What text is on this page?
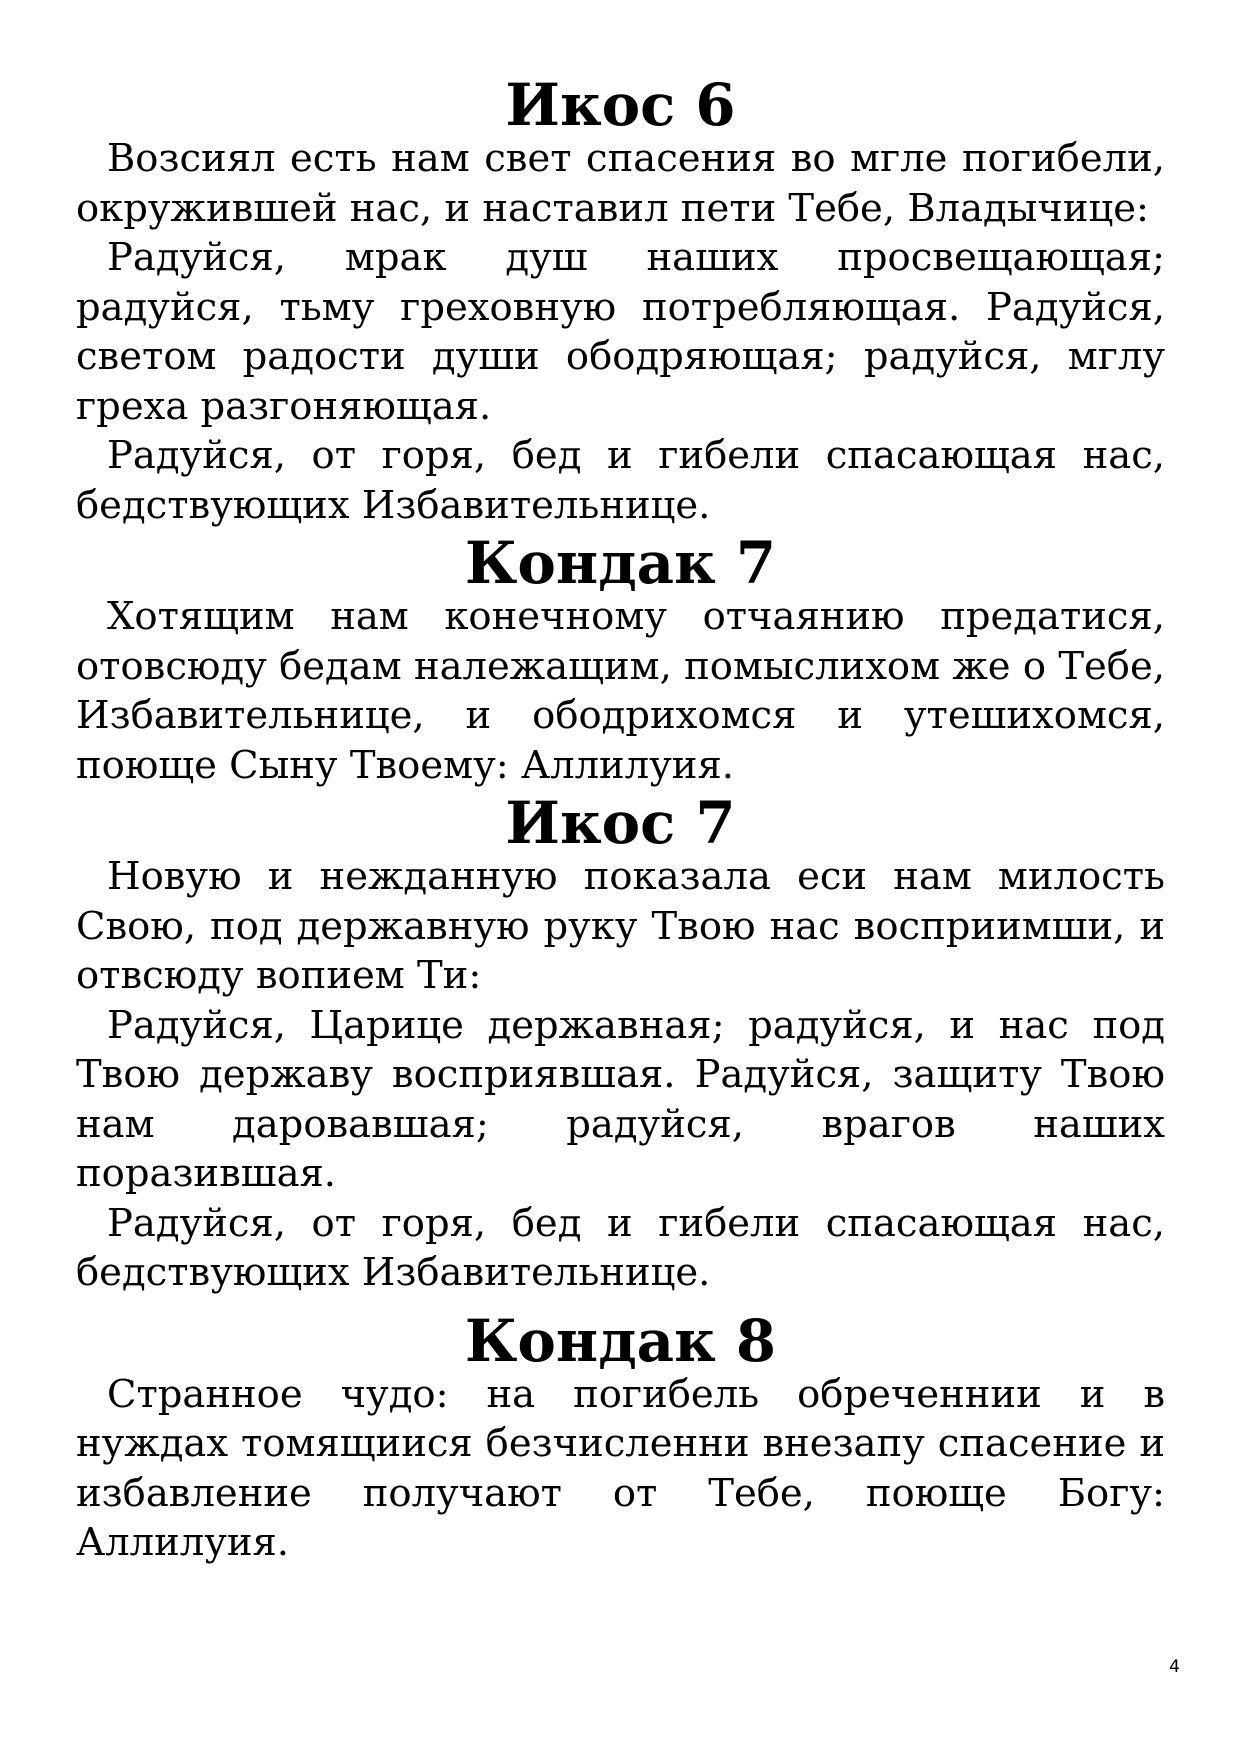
Икос 6

Возсиял есть нам свет спасения во мгле погибели, окружившей нас, и наставил пети Тебе, Владычице:

Радуйся, мрак душ наших просвещающая; радуйся, тьму греховную потребляющая. Радуйся, светом радости души ободряющая; радуйся, мглу греха разгоняющая.

Радуйся, от горя, бед и гибели спасающая нас, бедствующих Избавительнице.

Кондак 7

Хотящим нам конечному отчаянию предатися, отовсюду бедам належащим, помыслихом же о Тебе, Избавительнице, и ободрихомся и утешихомся, поюще Сыну Твоему: Аллилуия.

Икос 7

Новую и нежданную показала еси нам милость Свою, под державную руку Твою нас восприимши, и отвсюду вопием Ти:

Радуйся, Царице державная; радуйся, и нас под Твою державу восприявшая. Радуйся, защиту Твою нам даровавшая; радуйся, врагов наших поразившая.

Радуйся, от горя, бед и гибели спасающая нас, бедствующих Избавительнице.

Кондак 8

Странное чудо: на погибель обреченнии и в нуждах томящиися безчисленни внезапу спасение и избавление получают от Тебе, поюще Богу: Аллилуия.

4
